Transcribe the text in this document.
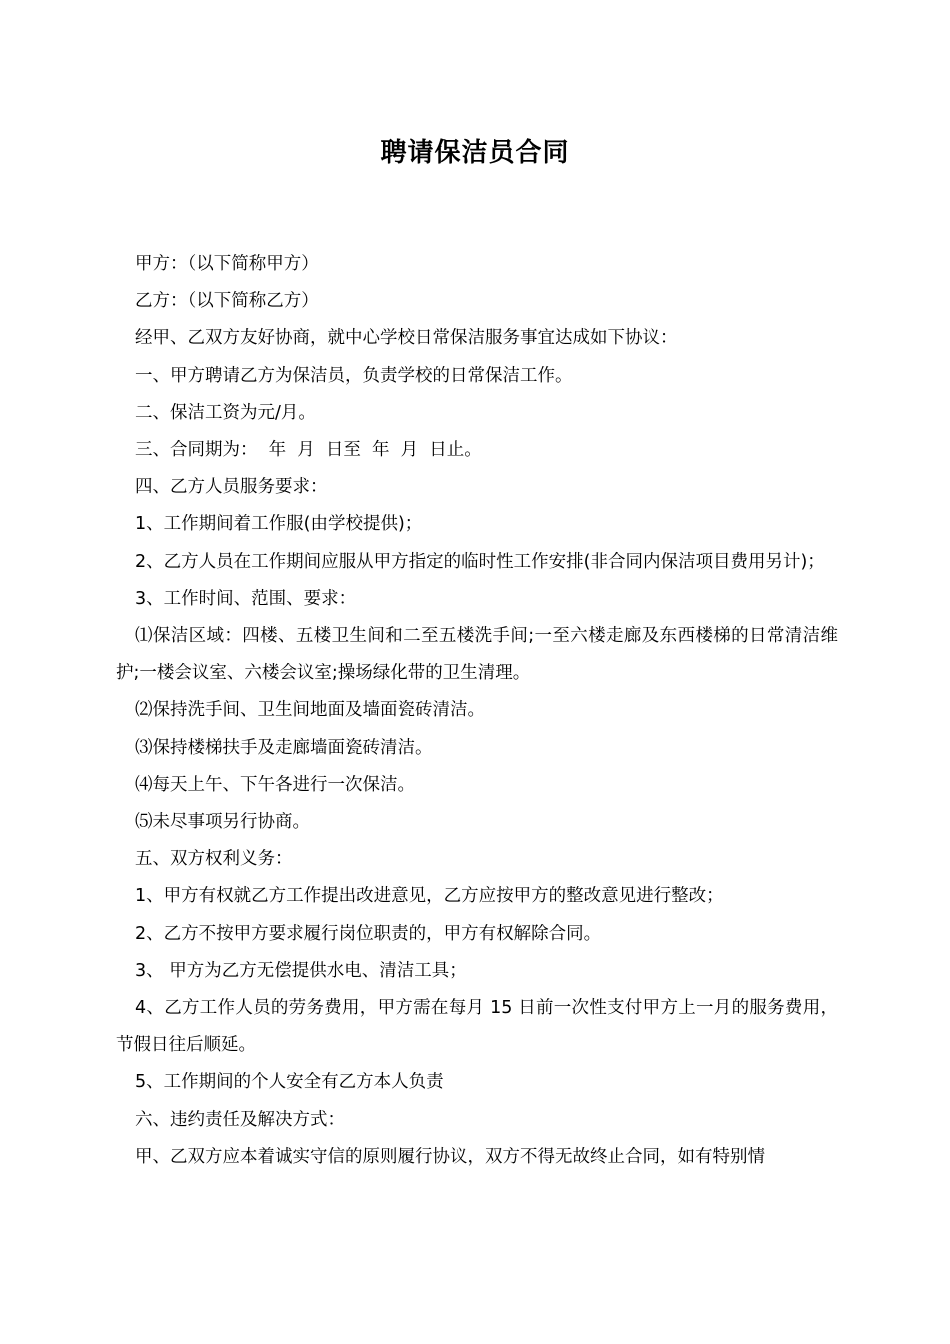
聘请保洁员合同

甲方：（以下简称甲方）

乙方：（以下简称乙方）

经甲、乙双方友好协商，就中心学校日常保洁服务事宜达成如下协议：

一、甲方聘请乙方为保洁员，负责学校的日常保洁工作。

二、保洁工资为元/月。

三、合同期为：  年  月  日至  年  月  日止。

四、乙方人员服务要求：

1、工作期间着工作服(由学校提供)；

2、乙方人员在工作期间应服从甲方指定的临时性工作安排(非合同内保洁项目费用另计)；

3、工作时间、范围、要求：

⑴保洁区域：四楼、五楼卫生间和二至五楼洗手间;一至六楼走廊及东西楼梯的日常清洁维护;一楼会议室、六楼会议室;操场绿化带的卫生清理。

⑵保持洗手间、卫生间地面及墙面瓷砖清洁。

⑶保持楼梯扶手及走廊墙面瓷砖清洁。

⑷每天上午、下午各进行一次保洁。

⑸未尽事项另行协商。

五、双方权利义务：

1、甲方有权就乙方工作提出改进意见，乙方应按甲方的整改意见进行整改；

2、乙方不按甲方要求履行岗位职责的，甲方有权解除合同。

3、 甲方为乙方无偿提供水电、清洁工具；

4、乙方工作人员的劳务费用，甲方需在每月 15 日前一次性支付甲方上一月的服务费用，节假日往后顺延。

5、工作期间的个人安全有乙方本人负责

六、违约责任及解决方式：

甲、乙双方应本着诚实守信的原则履行协议，双方不得无故终止合同，如有特别情
